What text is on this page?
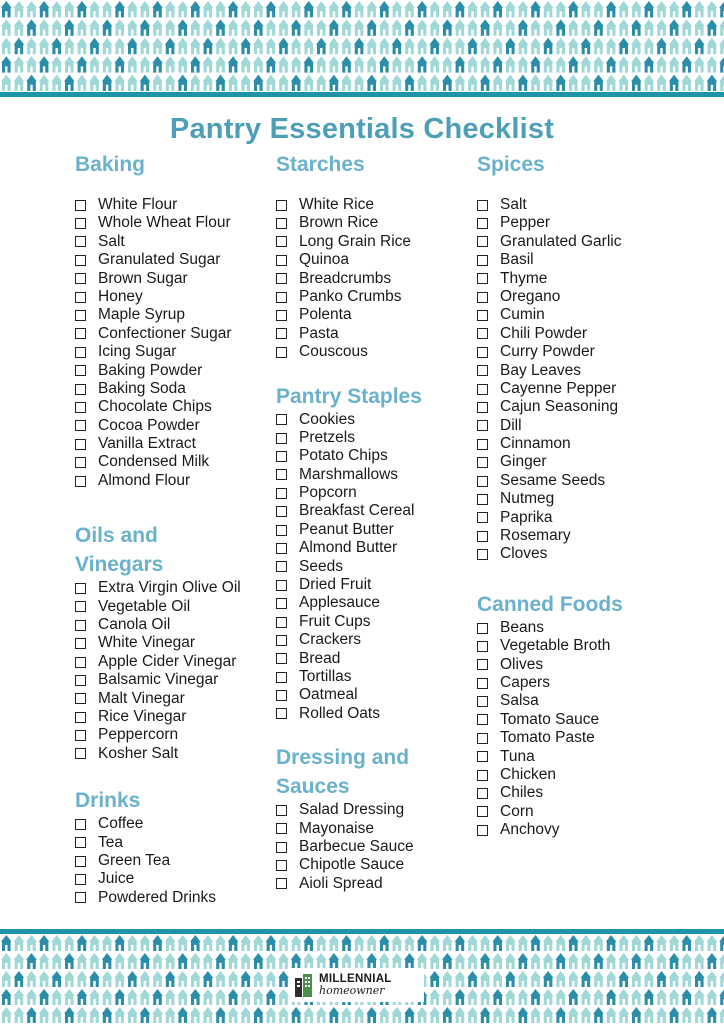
Pantry Essentials Checklist
Baking
White Flour
Whole Wheat Flour
Salt
Granulated Sugar
Brown Sugar
Honey
Maple Syrup
Confectioner Sugar
Icing Sugar
Baking Powder
Baking Soda
Chocolate Chips
Cocoa Powder
Vanilla Extract
Condensed Milk
Almond Flour
Oils and
Vinegars
Extra Virgin Olive Oil
Vegetable Oil
Canola Oil
White Vinegar
Apple Cider Vinegar
Balsamic Vinegar
Malt Vinegar
Rice Vinegar
Peppercorn
Kosher Salt
Drinks
Coffee
Tea
Green Tea
Juice
Powdered Drinks
Starches
White Rice
Brown Rice
Long Grain Rice
Quinoa
Breadcrumbs
Panko Crumbs
Polenta
Pasta
Couscous
Pantry Staples
Cookies
Pretzels
Potato Chips
Marshmallows
Popcorn
Breakfast Cereal
Peanut Butter
Almond Butter
Seeds
Dried Fruit
Applesauce
Fruit Cups
Crackers
Bread
Tortillas
Oatmeal
Rolled Oats
Dressing and
Sauces
Salad Dressing
Mayonaise
Barbecue Sauce
Chipotle Sauce
Aioli Spread
Spices
Salt
Pepper
Granulated Garlic
Basil
Thyme
Oregano
Cumin
Chili Powder
Curry Powder
Bay Leaves
Cayenne Pepper
Cajun Seasoning
Dill
Cinnamon
Ginger
Sesame Seeds
Nutmeg
Paprika
Rosemary
Cloves
Canned Foods
Beans
Vegetable Broth
Olives
Capers
Salsa
Tomato Sauce
Tomato Paste
Tuna
Chicken
Chiles
Corn
Anchovy
MILLENNIAL
homeowner
